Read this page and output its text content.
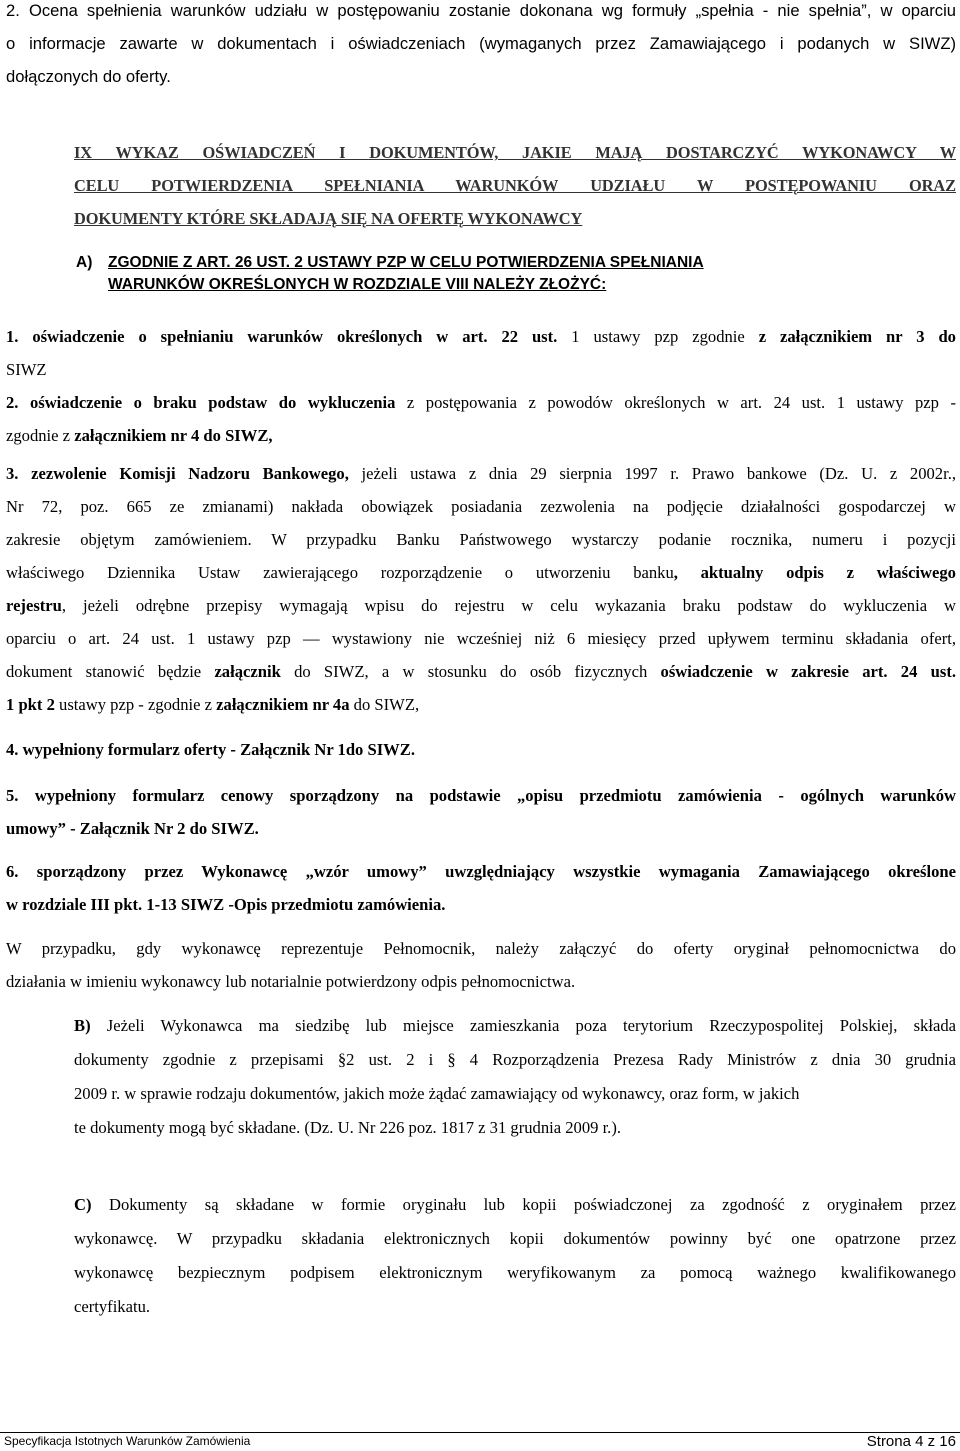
2. Ocena spełnienia warunków udziału w postępowaniu zostanie dokonana wg formuły „spełnia - nie spełnia”, w oparciu
o informacje zawarte w dokumentach i oświadczeniach (wymaganych przez Zamawiającego i podanych w SIWZ)
dołączonych do oferty.
IX WYKAZ OŚWIADCZEŃ I DOKUMENTÓW, JAKIE MAJĄ DOSTARCZYĆ WYKONAWCY W
CELU POTWIERDZENIA SPEŁNIANIA WARUNKÓW UDZIAŁU W POSTĘPOWANIU ORAZ
DOKUMENTY KTÓRE SKŁADAJĄ SIĘ NA OFERTĘ WYKONAWCY
A) ZGODNIE Z ART. 26 UST. 2 USTAWY PZP W CELU POTWIERDZENIA SPEŁNIANIA
WARUNKÓW OKREŚLONYCH W ROZDZIALE VIII NALEŻY ZŁOŻYĆ:
1. oświadczenie o spełnianiu warunków określonych w art. 22 ust. 1 ustawy pzp zgodnie z załącznikiem nr 3 do
SIWZ
2. oświadczenie o braku podstaw do wykluczenia z postępowania z powodów określonych w art. 24 ust. 1 ustawy pzp -
zgodnie z załącznikiem nr 4 do SIWZ,
3. zezwolenie Komisji Nadzoru Bankowego, jeżeli ustawa z dnia 29 sierpnia 1997 r. Prawo bankowe (Dz. U. z 2002r.,
Nr 72, poz. 665 ze zmianami) nakłada obowiązek posiadania zezwolenia na podjęcie działalności gospodarczej w
zakresie objętym zamówieniem. W przypadku Banku Państwowego wystarczy podanie rocznika, numeru i pozycji
właściwego Dziennika Ustaw zawierającego rozporządzenie o utworzeniu banku, aktualny odpis z właściwego
rejestru, jeżeli odrębne przepisy wymagają wpisu do rejestru w celu wykazania braku podstaw do wykluczenia w
oparciu o art. 24 ust. 1 ustawy pzp — wystawiony nie wcześniej niż 6 miesięcy przed upływem terminu składania ofert,
dokument stanowić będzie załącznik do SIWZ, a w stosunku do osób fizycznych oświadczenie w zakresie art. 24 ust.
1 pkt 2 ustawy pzp - zgodnie z załącznikiem nr 4a do SIWZ,
4. wypełniony formularz oferty - Załącznik Nr 1do SIWZ.
5. wypełniony formularz cenowy sporządzony na podstawie „opisu przedmiotu zamówienia - ogólnych warunków
umowy” - Załącznik Nr 2 do SIWZ.
6. sporządzony przez Wykonawcę „wzór umowy” uwzględniający wszystkie wymagania Zamawiającego określone
w rozdziale III pkt. 1-13 SIWZ -Opis przedmiotu zamówienia.
W przypadku, gdy wykonawcę reprezentuje Pełnomocnik, należy załączyć do oferty oryginał pełnomocnictwa do
działania w imieniu wykonawcy lub notarialnie potwierdzony odpis pełnomocnictwa.
B) Jeżeli Wykonawca ma siedzibę lub miejsce zamieszkania poza terytorium Rzeczypospolitej Polskiej, składa
dokumenty zgodnie z przepisami §2 ust. 2 i § 4 Rozporządzenia Prezesa Rady Ministrów z dnia 30 grudnia
2009 r. w sprawie rodzaju dokumentów, jakich może żądać zamawiający od wykonawcy, oraz form, w jakich
te dokumenty mogą być składane. (Dz. U. Nr 226 poz. 1817 z 31 grudnia 2009 r.).
C) Dokumenty są składane w formie oryginału lub kopii poświadczonej za zgodność z oryginałem przez
wykonawcę. W przypadku składania elektronicznych kopii dokumentów powinny być one opatrzone przez
wykonawcę bezpiecznym podpisem elektronicznym weryfikowanym za pomocą ważnego kwalifikowanego
certyfikatu.
Specyfikacja Istotnych Warunków Zamówienia	Strona 4 z 16
